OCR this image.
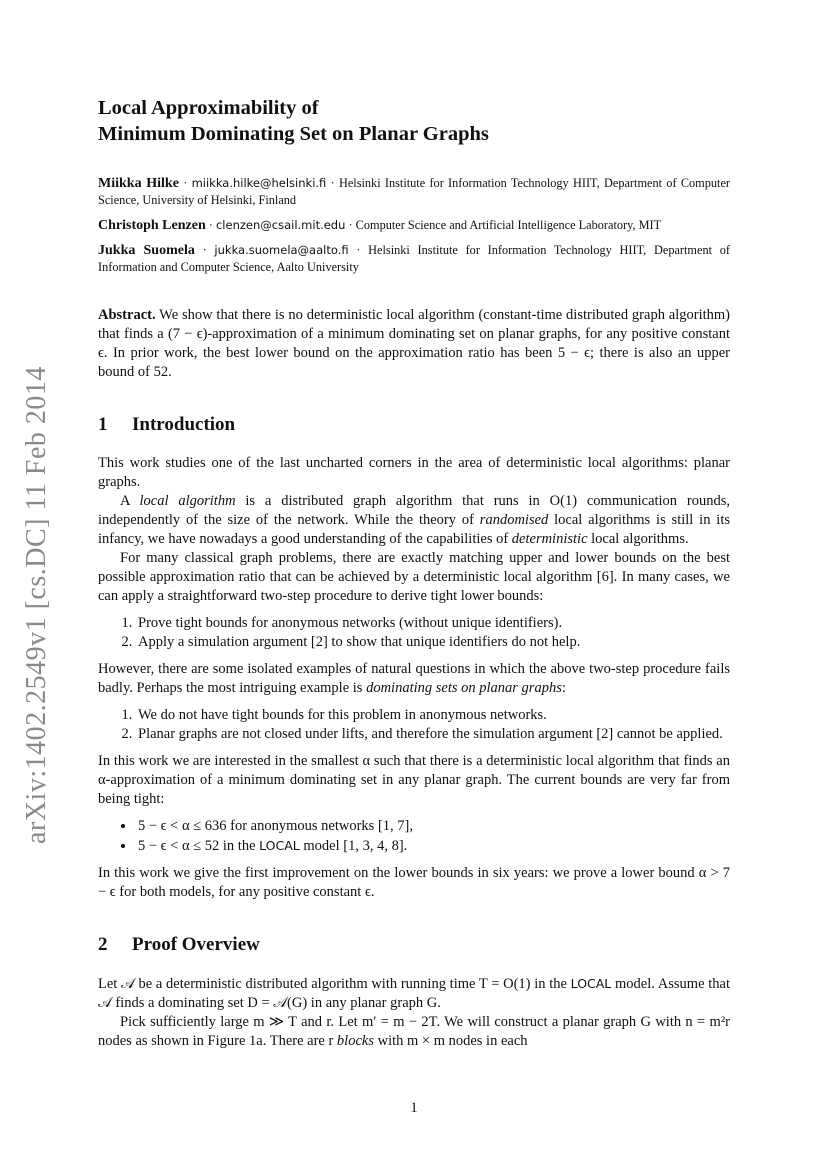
arXiv:1402.2549v1 [cs.DC] 11 Feb 2014
Local Approximability of
Minimum Dominating Set on Planar Graphs
Miikka Hilke · miikka.hilke@helsinki.fi · Helsinki Institute for Information Technology HIIT, Department of Computer Science, University of Helsinki, Finland
Christoph Lenzen · clenzen@csail.mit.edu · Computer Science and Artificial Intelligence Laboratory, MIT
Jukka Suomela · jukka.suomela@aalto.fi · Helsinki Institute for Information Technology HIIT, Department of Information and Computer Science, Aalto University
Abstract. We show that there is no deterministic local algorithm (constant-time distributed graph algorithm) that finds a (7 − ϵ)-approximation of a minimum dominating set on planar graphs, for any positive constant ϵ. In prior work, the best lower bound on the approximation ratio has been 5 − ϵ; there is also an upper bound of 52.
1 Introduction

This work studies one of the last uncharted corners in the area of deterministic local algorithms: planar graphs.

A local algorithm is a distributed graph algorithm that runs in O(1) communication rounds, independently of the size of the network. While the theory of randomised local algorithms is still in its infancy, we have nowadays a good understanding of the capabilities of deterministic local algorithms.

For many classical graph problems, there are exactly matching upper and lower bounds on the best possible approximation ratio that can be achieved by a deterministic local algorithm [6]. In many cases, we can apply a straightforward two-step procedure to derive tight lower bounds:

1. Prove tight bounds for anonymous networks (without unique identifiers).
2. Apply a simulation argument [2] to show that unique identifiers do not help.

However, there are some isolated examples of natural questions in which the above two-step procedure fails badly. Perhaps the most intriguing example is dominating sets on planar graphs:

1. We do not have tight bounds for this problem in anonymous networks.
2. Planar graphs are not closed under lifts, and therefore the simulation argument [2] cannot be applied.

In this work we are interested in the smallest α such that there is a deterministic local algorithm that finds an α-approximation of a minimum dominating set in any planar graph. The current bounds are very far from being tight:

• 5 − ϵ < α ≤ 636 for anonymous networks [1, 7],
• 5 − ϵ < α ≤ 52 in the LOCAL model [1, 3, 4, 8].

In this work we give the first improvement on the lower bounds in six years: we prove a lower bound α > 7 − ϵ for both models, for any positive constant ϵ.

2 Proof Overview

Let 𝒜 be a deterministic distributed algorithm with running time T = O(1) in the LOCAL model. Assume that 𝒜 finds a dominating set D = 𝒜(G) in any planar graph G.

Pick sufficiently large m ≫ T and r. Let m′ = m − 2T. We will construct a planar graph G with n = m²r nodes as shown in Figure 1a. There are r blocks with m × m nodes in each

1
